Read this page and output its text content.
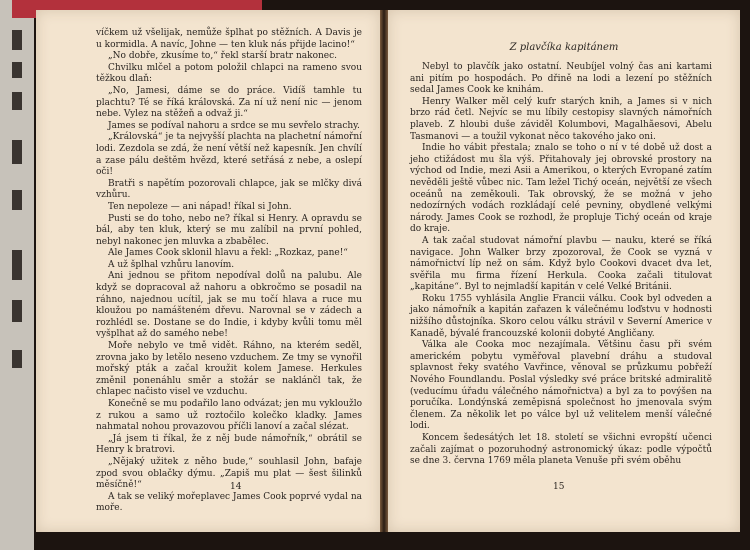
víčkem už všelijak, nemůže šplhat po stěžních. A Davis je u kormidla. A navíc, Johne — ten kluk nás přijde lacino!“

„No dobře, zkusíme to,“ řekl starší bratr nakonec.

Chvilku mlčel a potom položil chlapci na rameno svou těžkou dlaň:

„No, Jamesi, dáme se do práce. Vidíš tamhle tu plachtu? Té se říká královská. Za ní už není nic — jenom nebe. Vylez na stěžeň a odvaž ji.“

James se podíval nahoru a srdce se mu sevřelo strachy.

„Královská“ je ta nejvyšší plachta na plachetní námořní lodi. Zezdola se zdá, že není větší než kapesník. Jen chvílí a zase pálu deštěm hvězd, které setřásá z nebe, a oslepí oči!

Bratři s napětím pozorovali chlapce, jak se mlčky divá vzhůru.

Ten nepoleze — ani nápad! říkal si John.

Pusti se do toho, nebo ne? říkal si Henry. A opravdu se bál, aby ten kluk, který se mu zalíbil na první pohled, nebyl nakonec jen mluvka a zbabělec.

Ale James Cook sklonil hlavu a řekl: „Rozkaz, pane!“

A už šplhal vzhůru lanovím.

Ani jednou se přitom nepodíval dolů na palubu. Ale když se dopracoval až nahoru a obkročmo se posadil na ráhno, najednou ucítil, jak se mu točí hlava a ruce mu kloužou po namášteném dřevu. Narovnal se v zádech a rozhlédl se. Dostane se do Indie, i kdyby kvůli tomu měl vyšplhat až do samého nebe!

Moře nebylo ve tmě vidět. Ráhno, na kterém seděl, zrovna jako by letělo neseno vzduchem. Ze tmy se vynořil mořský pták a začal kroužit kolem Jamese. Herkules změnil ponenáhlu směr a stožár se naklánčl tak, že chlapec načisto visel ve vzduchu.

Konečně se mu podařilo lano odvázat; jen mu vykloužlo z rukou a samo už roztočilo kolečko kladky. James nahmatal nohou provazovou příčli lanoví a začal slézat.

„Já jsem ti říkal, že z něj bude námořník,“ obrátil se Henry k bratrovi.

„Nějaký užitek z něho bude,“ souhlasil John, bafaje zpod svou oblačky dýmu. „Zapiš mu plat — šest šilinků měsíčně!“

A tak se veliký mořeplavec James Cook poprvé vydal na moře.

14
Z plavčíka kapitánem

Nebyl to plavčík jako ostatní. Neubíjel volný čas ani kartami ani pitím po hospodách. Po dřině na lodi a lezení po stěžních sedal James Cook ke knihám.

Henry Walker měl celý kufr starých knih, a James si v nich brzo rád četl. Nejvíc se mu líbily cestopisy slavných námořních plaveb. Z hloubi duše záviděl Kolumbovi, Magalhãesovi, Abelu Tasmanovi — a toužil vykonat něco takového jako oni.

Indie ho vábit přestala; znalo se toho o ní v té době už dost a jeho ctižádost mu šla výš. Přitahovaly jej obrovské prostory na východ od Indie, mezi Asii a Amerikou, o kterých Evropané zatím nevěděli ještě vůbec nic. Tam ležel Tichý oceán, největší ze všech oceánů na zeměkouli. Tak obrovský, že se možná v jeho nedozírných vodách rozkládají celé pevniny, obydlené velkými národy. James Cook se rozhodl, že propluje Tichý oceán od kraje do kraje.

A tak začal studovat námořní plavbu — nauku, které se říká navigace. John Walker brzy zpozoroval, že Cook se vyzná v námořnictví líp než on sám. Když bylo Cookovi dvacet dva let, svěřila mu firma řízení Herkula. Cooka začali titulovat „kapitáne“. Byl to nejmladší kapitán v celé Velké Británii.

Roku 1755 vyhlásila Anglie Francii válku. Cook byl odveden a jako námořník a kapitán zařazen k válečnému loďstvu v hodnosti nižšího důstojníka. Skoro celou válku strávil v Severní Americe v Kanadě, bývalé francouzské kolonii dobyté Angličany.

Válka ale Cooka moc nezajímala. Většinu času při svém americkém pobytu vyměřoval plavební dráhu a studoval splavnost řeky svatého Vavřince, věnoval se průzkumu pobřeží Nového Foundlandu. Poslal výsledky své práce britské admiralitě (veducímu úřadu válečného námořnictva) a byl za to povýšen na poručíka. Londýnská zeměpisná společnost ho jmenovala svým členem. Za několik let po válce byl už velitelem menší válečné lodi.

Koncem šedesátých let 18. století se všichni evropští učenci začali zajímat o pozoruhodný astronomický úkaz: podle výpočtů se dne 3. června 1769 měla planeta Venuše při svém oběhu

15
